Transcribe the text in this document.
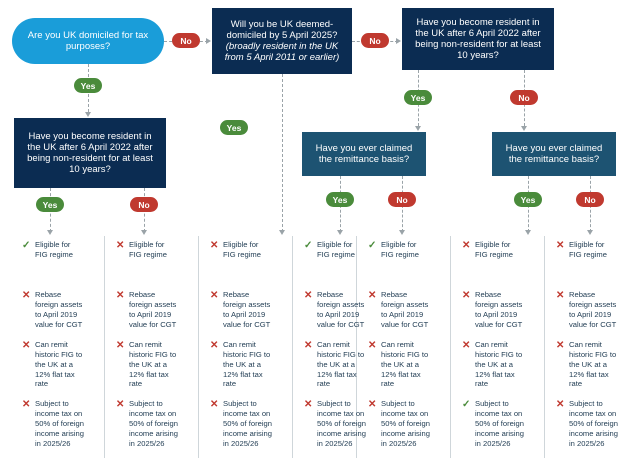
Are you UK domiciled for tax purposes?
Will you be UK deemed-
domiciled by 5 April 2025?
(broadly resident in the UK
from 5 April 2011 or earlier)
Have you become resident in the UK after 6 April 2022 after being non-resident for at least 10 years?
Have you become resident in the UK after 6 April 2022 after being non-resident for at least 10 years?
Have you ever claimed the remittance basis?
Have you ever claimed the remittance basis?
No	No
Yes
Yes
Yes	No
Yes	No	Yes	No	Yes	No
✓ Eligible for FIG regime
✕ Rebase foreign assets to April 2019 value for CGT
✕ Can remit historic FIG to the UK at a 12% flat tax rate
✕ Subject to income tax on 50% of foreign income arising in 2025/26
✕ Eligible for FIG regime
✕ Rebase foreign assets to April 2019 value for CGT
✕ Can remit historic FIG to the UK at a 12% flat tax rate
✕ Subject to income tax on 50% of foreign income arising in 2025/26
✕ Eligible for FIG regime
✕ Rebase foreign assets to April 2019 value for CGT
✕ Can remit historic FIG to the UK at a 12% flat tax rate
✕ Subject to income tax on 50% of foreign income arising in 2025/26
✓ Eligible for FIG regime
✕ Rebase foreign assets to April 2019 value for CGT
✕ Can remit historic FIG to the UK at a 12% flat tax rate
✕ Subject to income tax on 50% of foreign income arising in 2025/26
✓ Eligible for FIG regime
✕ Rebase foreign assets to April 2019 value for CGT
✕ Can remit historic FIG to the UK at a 12% flat tax rate
✕ Subject to income tax on 50% of foreign income arising in 2025/26
✕ Eligible for FIG regime
✕ Rebase foreign assets to April 2019 value for CGT
✕ Can remit historic FIG to the UK at a 12% flat tax rate
✓ Subject to income tax on 50% of foreign income arising in 2025/26
✕ Eligible for FIG regime
✕ Rebase foreign assets to April 2019 value for CGT
✕ Can remit historic FIG to the UK at a 12% flat tax rate
✕ Subject to income tax on 50% of foreign income arising in 2025/26
